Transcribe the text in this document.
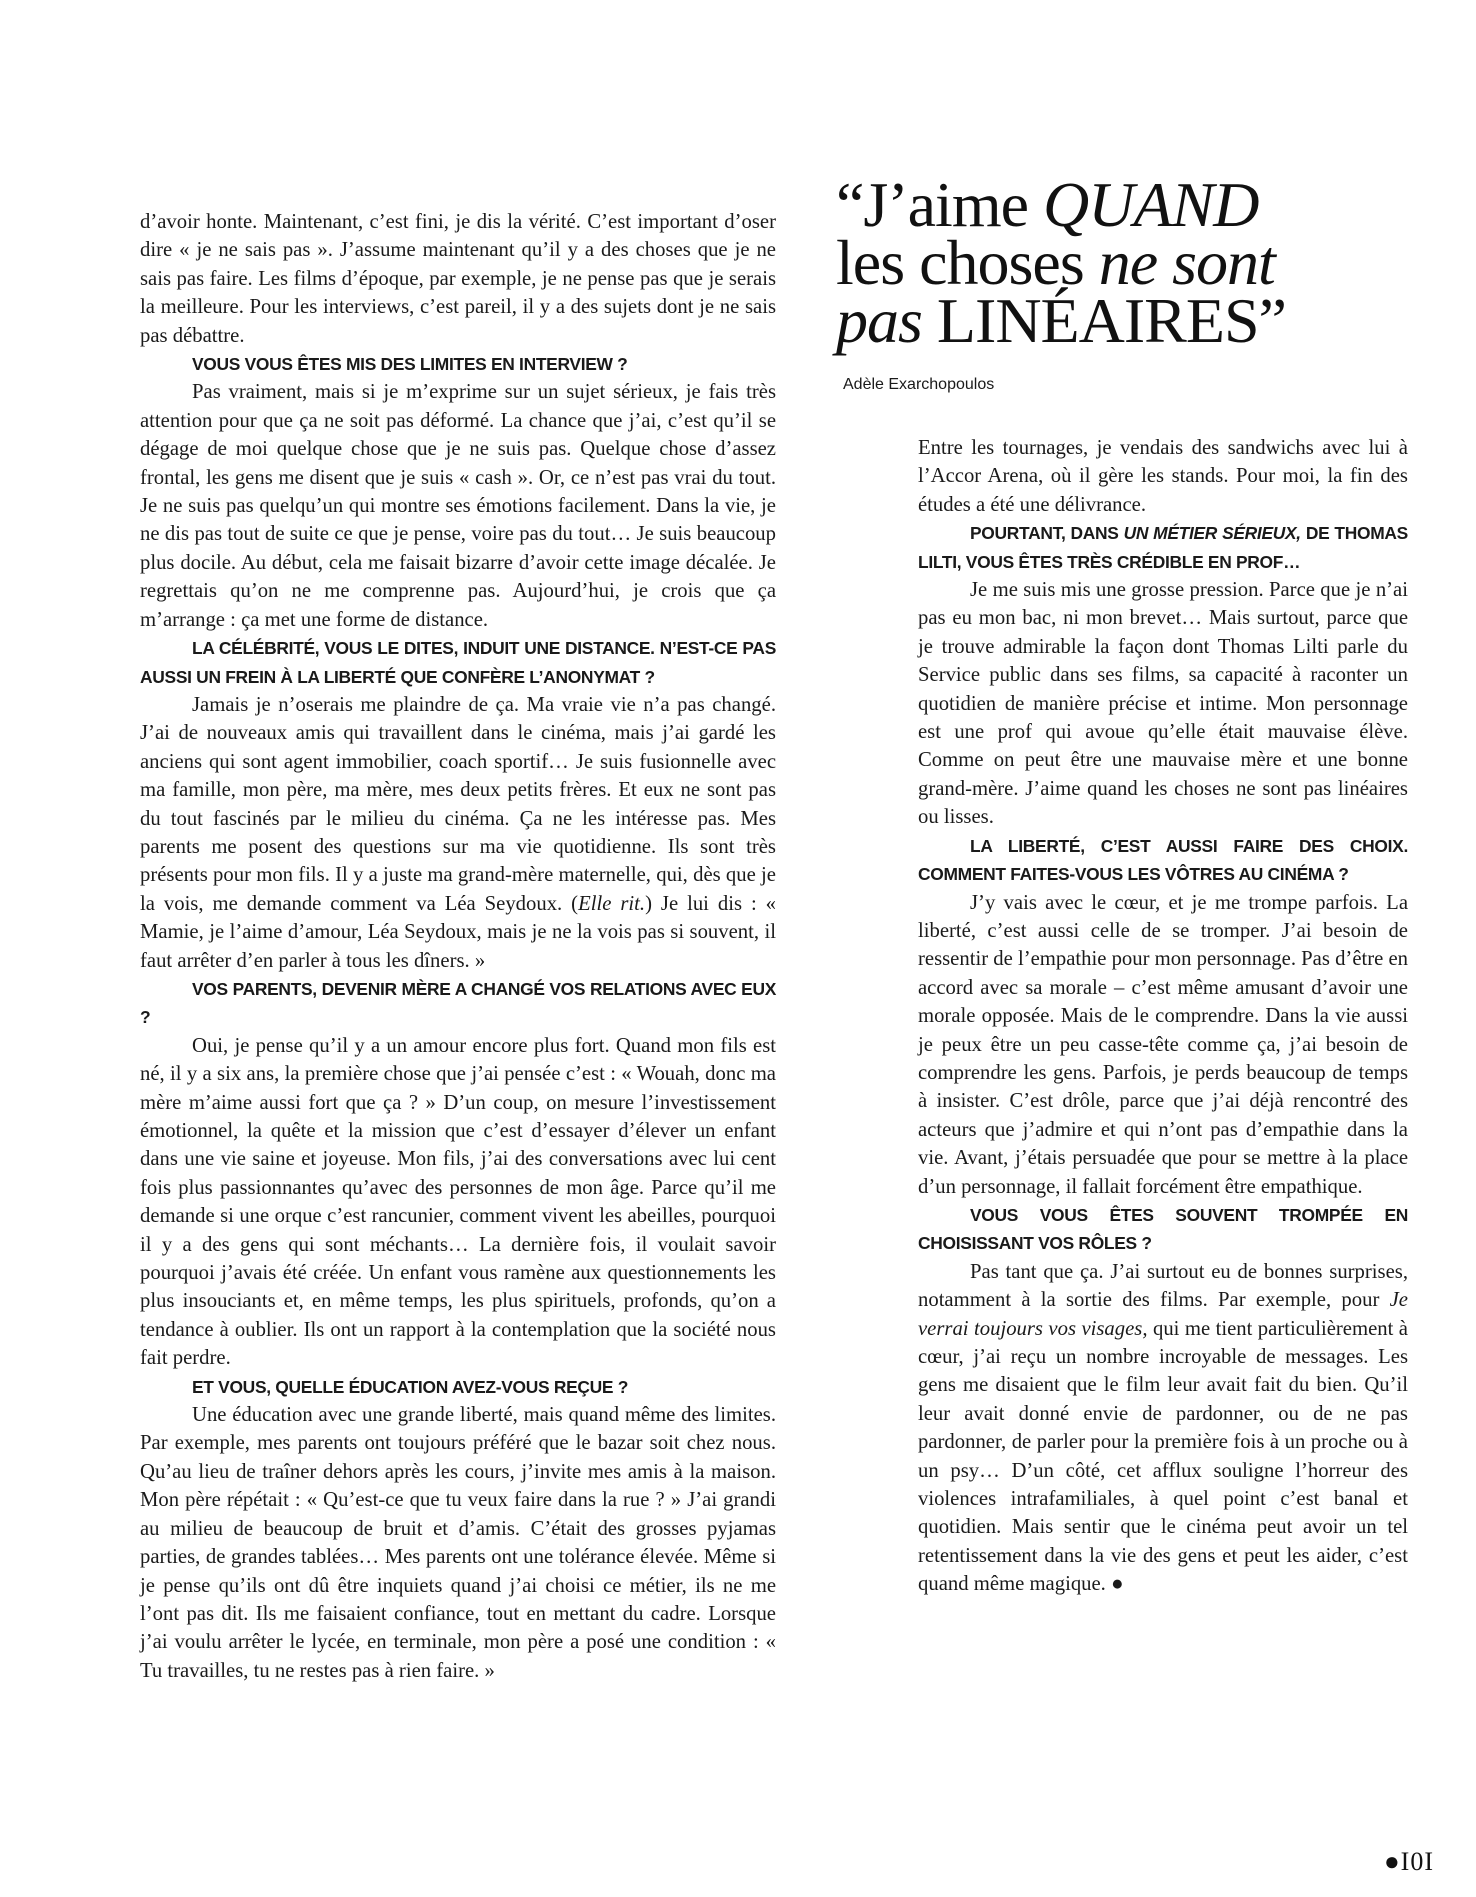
“J’aime QUAND
les choses ne sont
pas LINÉAIRES”
Adèle Exarchopoulos

d’avoir honte. Maintenant, c’est fini, je dis la vérité. C’est important d’oser dire « je ne sais pas ». J’assume maintenant qu’il y a des choses que je ne sais pas faire. Les films d’époque, par exemple, je ne pense pas que je serais la meilleure. Pour les interviews, c’est pareil, il y a des sujets dont je ne sais pas débattre.

VOUS VOUS ÊTES MIS DES LIMITES EN INTERVIEW ?

Pas vraiment, mais si je m’exprime sur un sujet sérieux, je fais très attention pour que ça ne soit pas déformé. La chance que j’ai, c’est qu’il se dégage de moi quelque chose que je ne suis pas. Quelque chose d’assez frontal, les gens me disent que je suis « cash ». Or, ce n’est pas vrai du tout. Je ne suis pas quelqu’un qui montre ses émotions facilement. Dans la vie, je ne dis pas tout de suite ce que je pense, voire pas du tout… Je suis beaucoup plus docile. Au début, cela me faisait bizarre d’avoir cette image décalée. Je regrettais qu’on ne me comprenne pas. Aujourd’hui, je crois que ça m’arrange : ça met une forme de distance.

LA CÉLÉBRITÉ, VOUS LE DITES, INDUIT UNE DISTANCE. N’EST-CE PAS AUSSI UN FREIN À LA LIBERTÉ QUE CONFÈRE L’ANONYMAT ?

Jamais je n’oserais me plaindre de ça. Ma vraie vie n’a pas changé. J’ai de nouveaux amis qui travaillent dans le cinéma, mais j’ai gardé les anciens qui sont agent immobilier, coach sportif… Je suis fusionnelle avec ma famille, mon père, ma mère, mes deux petits frères. Et eux ne sont pas du tout fascinés par le milieu du cinéma. Ça ne les intéresse pas. Mes parents me posent des questions sur ma vie quotidienne. Ils sont très présents pour mon fils. Il y a juste ma grand-mère maternelle, qui, dès que je la vois, me demande comment va Léa Seydoux. (Elle rit.) Je lui dis : « Mamie, je l’aime d’amour, Léa Seydoux, mais je ne la vois pas si souvent, il faut arrêter d’en parler à tous les dîners. »

VOS PARENTS, DEVENIR MÈRE A CHANGÉ VOS RELATIONS AVEC EUX ?

Oui, je pense qu’il y a un amour encore plus fort. Quand mon fils est né, il y a six ans, la première chose que j’ai pensée c’est : « Wouah, donc ma mère m’aime aussi fort que ça ? » D’un coup, on mesure l’investissement émotionnel, la quête et la mission que c’est d’essayer d’élever un enfant dans une vie saine et joyeuse. Mon fils, j’ai des conversations avec lui cent fois plus passionnantes qu’avec des personnes de mon âge. Parce qu’il me demande si une orque c’est rancunier, comment vivent les abeilles, pourquoi il y a des gens qui sont méchants… La dernière fois, il voulait savoir pourquoi j’avais été créée. Un enfant vous ramène aux questionnements les plus insouciants et, en même temps, les plus spirituels, profonds, qu’on a tendance à oublier. Ils ont un rapport à la contemplation que la société nous fait perdre.

ET VOUS, QUELLE ÉDUCATION AVEZ-VOUS REÇUE ?

Une éducation avec une grande liberté, mais quand même des limites. Par exemple, mes parents ont toujours préféré que le bazar soit chez nous. Qu’au lieu de traîner dehors après les cours, j’invite mes amis à la maison. Mon père répétait : « Qu’est-ce que tu veux faire dans la rue ? » J’ai grandi au milieu de beaucoup de bruit et d’amis. C’était des grosses pyjamas parties, de grandes tablées… Mes parents ont une tolérance élevée. Même si je pense qu’ils ont dû être inquiets quand j’ai choisi ce métier, ils ne me l’ont pas dit. Ils me faisaient confiance, tout en mettant du cadre. Lorsque j’ai voulu arrêter le lycée, en terminale, mon père a posé une condition : « Tu travailles, tu ne restes pas à rien faire. »

Entre les tournages, je vendais des sandwichs avec lui à l’Accor Arena, où il gère les stands. Pour moi, la fin des études a été une délivrance.

POURTANT, DANS UN MÉTIER SÉRIEUX, DE THOMAS LILTI, VOUS ÊTES TRÈS CRÉDIBLE EN PROF…

Je me suis mis une grosse pression. Parce que je n’ai pas eu mon bac, ni mon brevet… Mais surtout, parce que je trouve admirable la façon dont Thomas Lilti parle du Service public dans ses films, sa capacité à raconter un quotidien de manière précise et intime. Mon personnage est une prof qui avoue qu’elle était mauvaise élève. Comme on peut être une mauvaise mère et une bonne grand-mère. J’aime quand les choses ne sont pas linéaires ou lisses.

LA LIBERTÉ, C’EST AUSSI FAIRE DES CHOIX. COMMENT FAITES-VOUS LES VÔTRES AU CINÉMA ?

J’y vais avec le cœur, et je me trompe parfois. La liberté, c’est aussi celle de se tromper. J’ai besoin de ressentir de l’empathie pour mon personnage. Pas d’être en accord avec sa morale – c’est même amusant d’avoir une morale opposée. Mais de le comprendre. Dans la vie aussi je peux être un peu casse-tête comme ça, j’ai besoin de comprendre les gens. Parfois, je perds beaucoup de temps à insister. C’est drôle, parce que j’ai déjà rencontré des acteurs que j’admire et qui n’ont pas d’empathie dans la vie. Avant, j’étais persuadée que pour se mettre à la place d’un personnage, il fallait forcément être empathique.

VOUS VOUS ÊTES SOUVENT TROMPÉE EN CHOISISSANT VOS RÔLES ?

Pas tant que ça. J’ai surtout eu de bonnes surprises, notamment à la sortie des films. Par exemple, pour Je verrai toujours vos visages, qui me tient particulièrement à cœur, j’ai reçu un nombre incroyable de messages. Les gens me disaient que le film leur avait fait du bien. Qu’il leur avait donné envie de pardonner, ou de ne pas pardonner, de parler pour la première fois à un proche ou à un psy… D’un côté, cet afflux souligne l’horreur des violences intrafamiliales, à quel point c’est banal et quotidien. Mais sentir que le cinéma peut avoir un tel retentissement dans la vie des gens et peut les aider, c’est quand même magique. ●

●I0I
